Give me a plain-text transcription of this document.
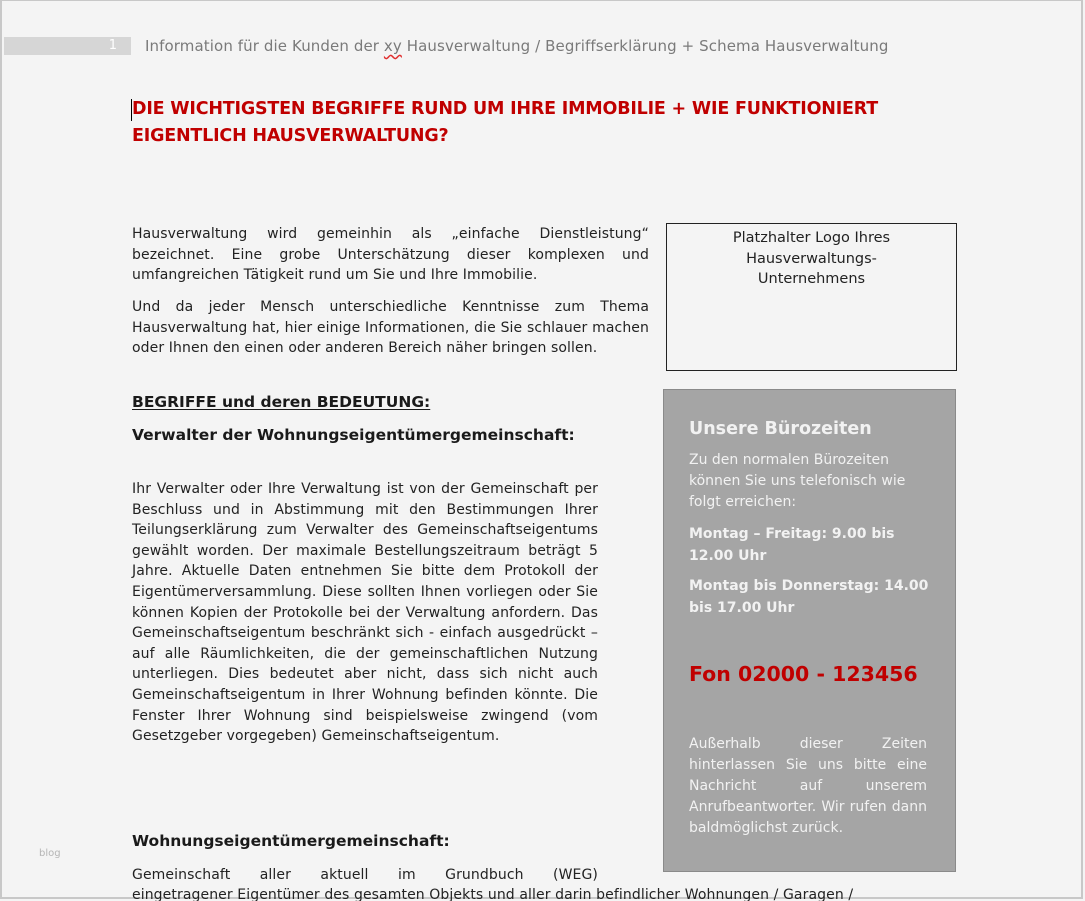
1 Information für die Kunden der xy Hausverwaltung / Begriffserklärung + Schema Hausverwaltung
DIE WICHTIGSTEN BEGRIFFE RUND UM IHRE IMMOBILIE + WIE FUNKTIONIERT
EIGENTLICH HAUSVERWALTUNG?
Hausverwaltung wird gemeinhin als „einfache Dienstleistung“ bezeichnet. Eine grobe Unterschätzung dieser komplexen und umfangreichen Tätigkeit rund um Sie und Ihre Immobilie.
Und da jeder Mensch unterschiedliche Kenntnisse zum Thema Hausverwaltung hat, hier einige Informationen, die Sie schlauer machen oder Ihnen den einen oder anderen Bereich näher bringen sollen.
Platzhalter Logo Ihres
Hausverwaltungs-
Unternehmens
BEGRIFFE und deren BEDEUTUNG:
Verwalter der Wohnungseigentümergemeinschaft:
Ihr Verwalter oder Ihre Verwaltung ist von der Gemeinschaft per Beschluss und in Abstimmung mit den Bestimmungen Ihrer Teilungserklärung zum Verwalter des Gemeinschaftseigentums gewählt worden. Der maximale Bestellungszeitraum beträgt 5 Jahre. Aktuelle Daten entnehmen Sie bitte dem Protokoll der Eigentümerversammlung. Diese sollten Ihnen vorliegen oder Sie können Kopien der Protokolle bei der Verwaltung anfordern. Das Gemeinschaftseigentum beschränkt sich - einfach ausgedrückt – auf alle Räumlichkeiten, die der gemeinschaftlichen Nutzung unterliegen. Dies bedeutet aber nicht, dass sich nicht auch Gemeinschaftseigentum in Ihrer Wohnung befinden könnte. Die Fenster Ihrer Wohnung sind beispielsweise zwingend (vom Gesetzgeber vorgegeben) Gemeinschaftseigentum.
Wohnungseigentümergemeinschaft:
Gemeinschaft aller aktuell im Grundbuch (WEG)
eingetragener Eigentümer des gesamten Objekts und aller darin befindlicher Wohnungen / Garagen /
Unsere Bürozeiten
Zu den normalen Bürozeiten können Sie uns telefonisch wie folgt erreichen:
Montag – Freitag: 9.00 bis 12.00 Uhr
Montag bis Donnerstag: 14.00 bis 17.00 Uhr
Fon 02000 - 123456
Außerhalb dieser Zeiten hinterlassen Sie uns bitte eine Nachricht auf unserem Anrufbeantworter. Wir rufen dann baldmöglichst zurück.
blog
